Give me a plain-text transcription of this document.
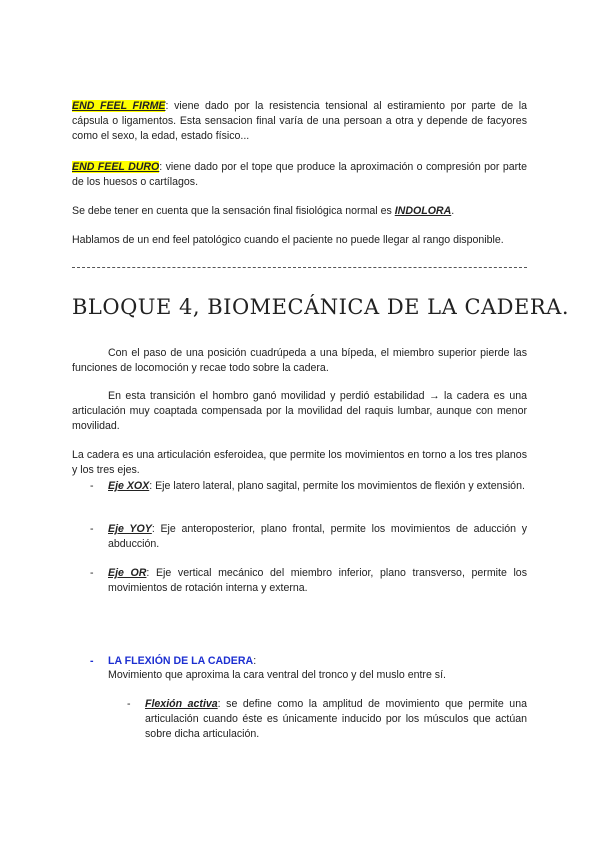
END FEEL FIRME: viene dado por la resistencia tensional al estiramiento por parte de la cápsula o ligamentos. Esta sensacion final varía de una persoan a otra y depende de facyores como el sexo, la edad, estado físico...

END FEEL DURO: viene dado por el tope que produce la aproximación o compresión por parte de los huesos o cartílagos.

Se debe tener en cuenta que la sensación final fisiológica normal es INDOLORA.

Hablamos de un end feel patológico cuando el paciente no puede llegar al rango disponible.

BLOQUE 4, BIOMECÁNICA DE LA CADERA.

Con el paso de una posición cuadrúpeda a una bípeda, el miembro superior pierde las funciones de locomoción y recae todo sobre la cadera.

En esta transición el hombro ganó movilidad y perdió estabilidad → la cadera es una articulación muy coaptada compensada por la movilidad del raquis lumbar, aunque con menor movilidad.

La cadera es una articulación esferoidea, que permite los movimientos en torno a los tres planos y los tres ejes.

- Eje XOX: Eje latero lateral, plano sagital, permite los movimientos de flexión y extensión.

- Eje YOY: Eje anteroposterior, plano frontal, permite los movimientos de aducción y abducción.

- Eje OR: Eje vertical mecánico del miembro inferior, plano transverso, permite los movimientos de rotación interna y externa.

- LA FLEXIÓN DE LA CADERA:

Movimiento que aproxima la cara ventral del tronco y del muslo entre sí.

- Flexión activa: se define como la amplitud de movimiento que permite una articulación cuando éste es únicamente inducido por los músculos que actúan sobre dicha articulación.
